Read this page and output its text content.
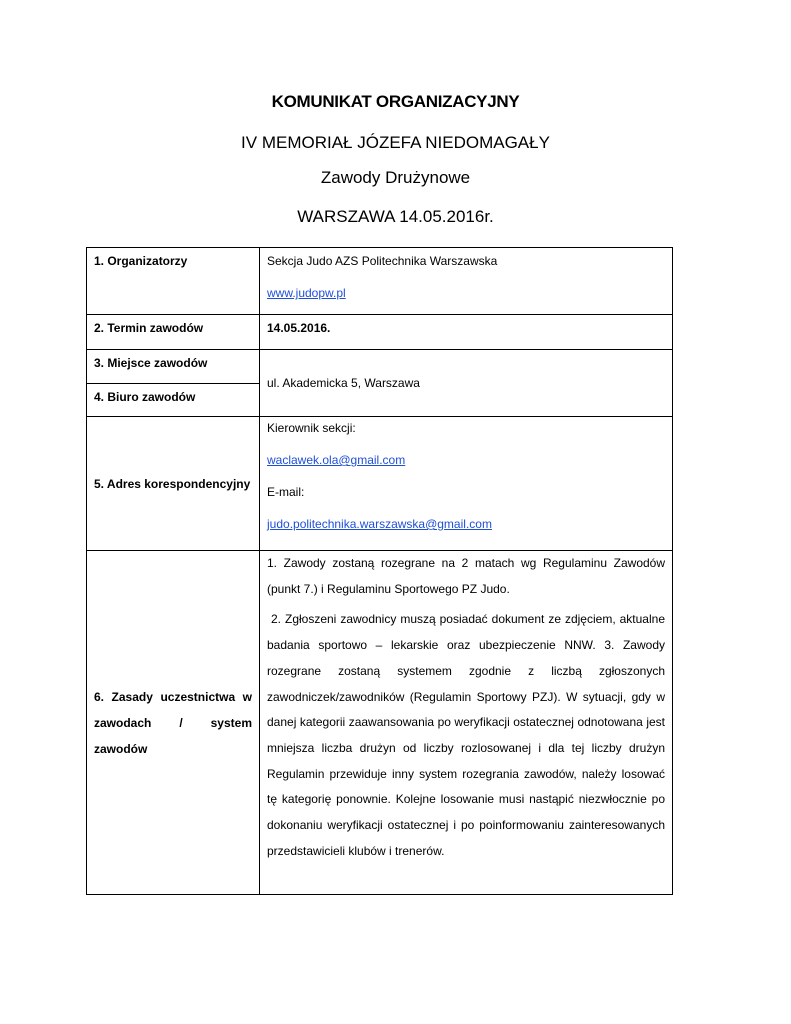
KOMUNIKAT ORGANIZACYJNY
IV MEMORIAŁ JÓZEFA NIEDOMAGAŁY
Zawody Drużynowe
WARSZAWA 14.05.2016r.
1. Organizatorzy	Sekcja Judo AZS Politechnika Warszawska

www.judopw.pl

2. Termin zawodów	14.05.2016.

3. Miejsce zawodów	ul. Akademicka 5, Warszawa

4. Biuro zawodów	

5. Adres korespondencyjny	Kierownik sekcji:

waclawek.ola@gmail.com

E-mail:

judo.politechnika.warszawska@gmail.com

6. Zasady uczestnictwa w zawodach / system zawodów	1. Zawody zostaną rozegrane na 2 matach wg Regulaminu Zawodów (punkt 7.) i Regulaminu Sportowego PZ Judo.

2. Zgłoszeni zawodnicy muszą posiadać dokument ze zdjęciem, aktualne badania sportowo – lekarskie oraz ubezpieczenie NNW. 3. Zawody rozegrane zostaną systemem zgodnie z liczbą zgłoszonych zawodniczek/zawodników (Regulamin Sportowy PZJ). W sytuacji, gdy w danej kategorii zaawansowania po weryfikacji ostatecznej odnotowana jest mniejsza liczba drużyn od liczby rozlosowanej i dla tej liczby drużyn Regulamin przewiduje inny system rozegrania zawodów, należy losować tę kategorię ponownie. Kolejne losowanie musi nastąpić niezwłocznie po dokonaniu weryfikacji ostatecznej i po poinformowaniu zainteresowanych przedstawicieli klubów i trenerów.
